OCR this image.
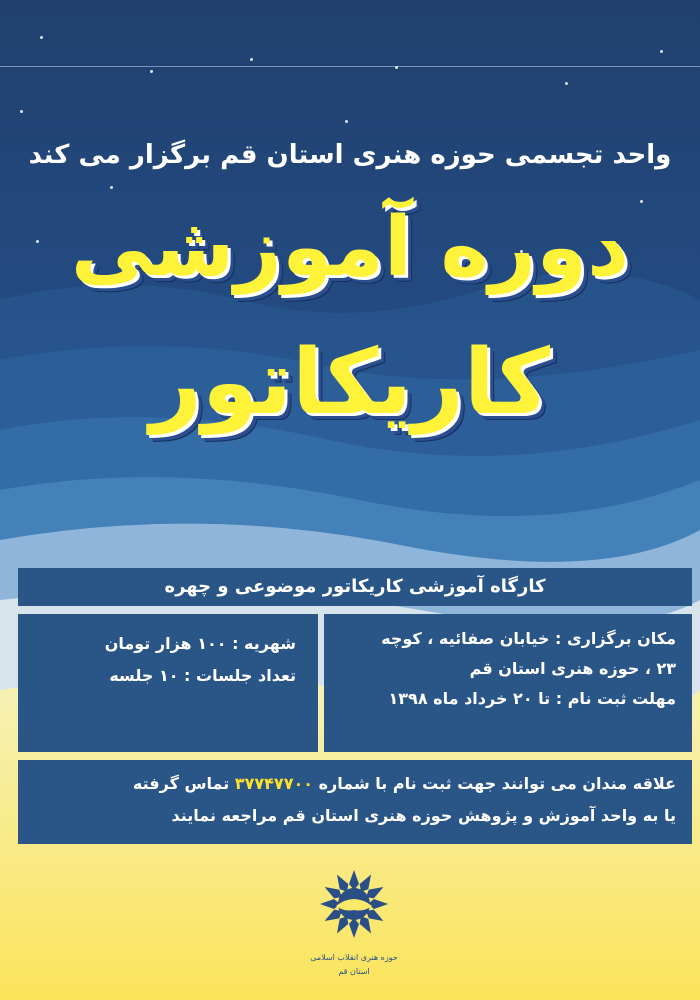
واحد تجسمی حوزه هنری استان قم برگزار می کند
دوره آموزشی
کاریکاتور
کارگاه آموزشی کاریکاتور موضوعی و چهره
مکان برگزاری : خیابان صفائیه ، کوچه
۲۳ ، حوزه هنری استان قم
مهلت ثبت نام : تا ۲۰ خرداد ماه ۱۳۹۸
شهریه : ۱۰۰ هزار تومان
تعداد جلسات : ۱۰ جلسه
علاقه مندان می توانند جهت ثبت نام با شماره ۳۷۷۴۷۷۰۰ تماس گرفته
یا به واحد آموزش و پژوهش حوزه هنری استان قم مراجعه نمایند
حوزه هنری انقلاب اسلامی
استان قم
